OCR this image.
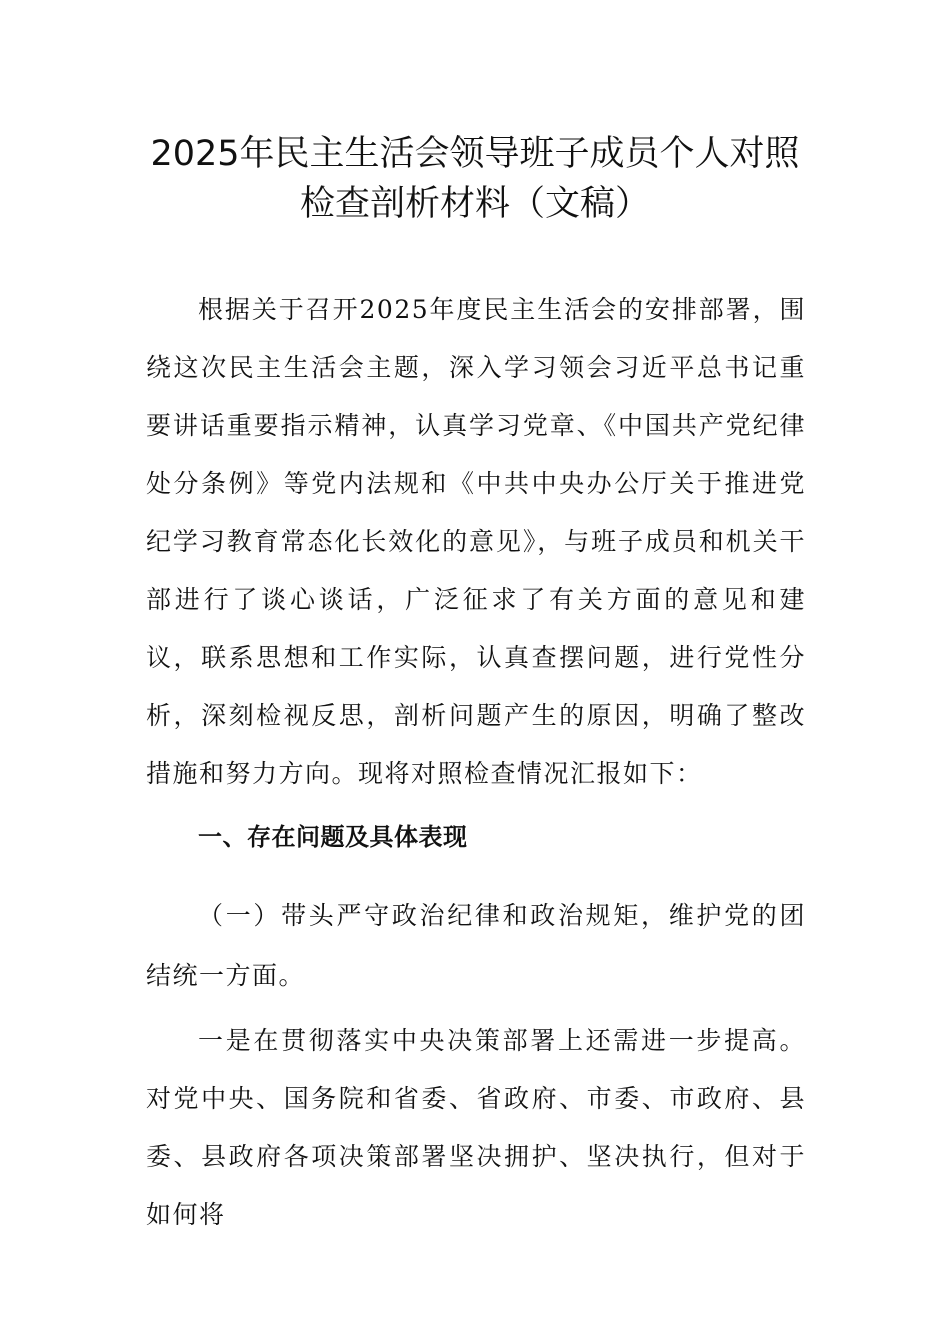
2025年民主生活会领导班子成员个人对照
检查剖析材料（文稿）
根据关于召开2025年度民主生活会的安排部署，围绕这次民主生活会主题，深入学习领会习近平总书记重要讲话重要指示精神，认真学习党章、《中国共产党纪律处分条例》等党内法规和《中共中央办公厅关于推进党纪学习教育常态化长效化的意见》，与班子成员和机关干部进行了谈心谈话，广泛征求了有关方面的意见和建议，联系思想和工作实际，认真查摆问题，进行党性分析，深刻检视反思，剖析问题产生的原因，明确了整改措施和努力方向。现将对照检查情况汇报如下：
一、存在问题及具体表现
（一）带头严守政治纪律和政治规矩，维护党的团结统一方面。
一是在贯彻落实中央决策部署上还需进一步提高。对党中央、国务院和省委、省政府、市委、市政府、县委、县政府各项决策部署坚决拥护、坚决执行，但对于如何将
